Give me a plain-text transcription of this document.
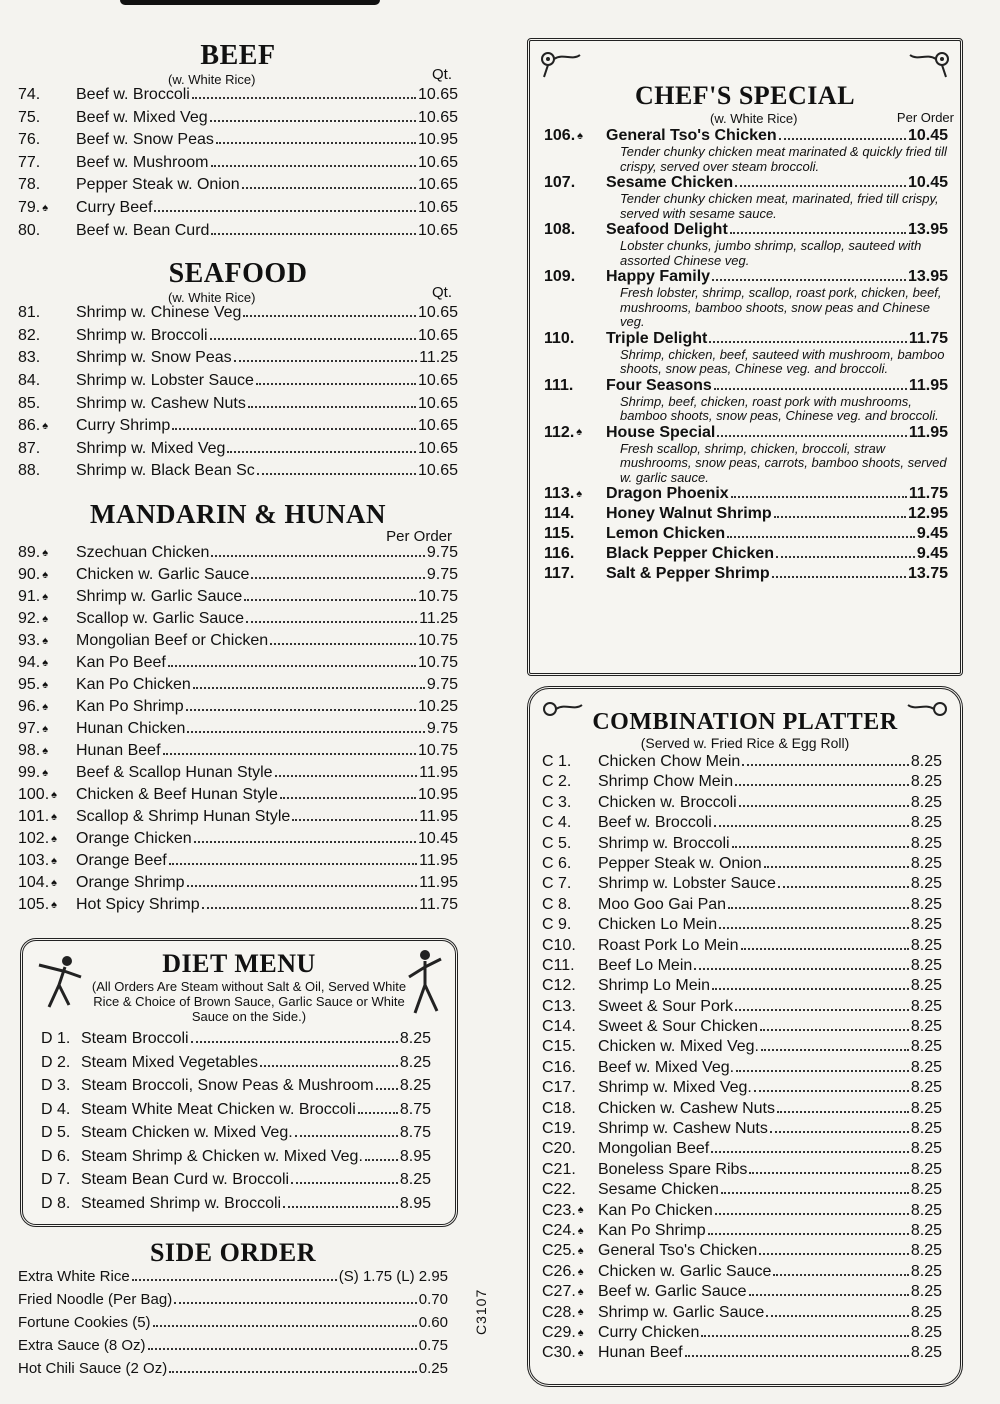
BEEF
(w. White Rice)	Qt.
74.	Beef w. Broccoli	10.65
75.	Beef w. Mixed Veg	10.65
76.	Beef w. Snow Peas	10.95
77.	Beef w. Mushroom	10.65
78.	Pepper Steak w. Onion	10.65
79. ♠	Curry Beef	10.65
80.	Beef w. Bean Curd	10.65
SEAFOOD
(w. White Rice)	Qt.
81.	Shrimp w. Chinese Veg	10.65
82.	Shrimp w. Broccoli	10.65
83.	Shrimp w. Snow Peas	11.25
84.	Shrimp w. Lobster Sauce	10.65
85.	Shrimp w. Cashew Nuts	10.65
86. ♠	Curry Shrimp	10.65
87.	Shrimp w. Mixed Veg	10.65
88.	Shrimp w. Black Bean Sc	10.65
MANDARIN & HUNAN
Per Order
89. ♠	Szechuan Chicken	9.75
90. ♠	Chicken w. Garlic Sauce	9.75
91. ♠	Shrimp w. Garlic Sauce	10.75
92. ♠	Scallop w. Garlic Sauce	11.25
93. ♠	Mongolian Beef or Chicken	10.75
94. ♠	Kan Po Beef	10.75
95. ♠	Kan Po Chicken	9.75
96. ♠	Kan Po Shrimp	10.25
97. ♠	Hunan Chicken	9.75
98. ♠	Hunan Beef	10.75
99. ♠	Beef & Scallop Hunan Style	11.95
100. ♠	Chicken & Beef Hunan Style	10.95
101. ♠	Scallop & Shrimp Hunan Style	11.95
102. ♠	Orange Chicken	10.45
103. ♠	Orange Beef	11.95
104. ♠	Orange Shrimp	11.95
105. ♠	Hot Spicy Shrimp	11.75
DIET MENU
(All Orders Are Steam without Salt & Oil, Served White Rice & Choice of Brown Sauce, Garlic Sauce or White Sauce on the Side.)
D 1. Steam Broccoli	8.25
D 2. Steam Mixed Vegetables	8.25
D 3. Steam Broccoli, Snow Peas & Mushroom 8.25
D 4. Steam White Meat Chicken w. Broccoli	8.75
D 5. Steam Chicken w. Mixed Veg.	8.75
D 6. Steam Shrimp & Chicken w. Mixed Veg. 8.95
D 7. Steam Bean Curd w. Broccoli	8.25
D 8. Steamed Shrimp w. Broccoli	8.95
SIDE ORDER
Extra White Rice	(S) 1.75 (L) 2.95
Fried Noodle (Per Bag)	0.70
Fortune Cookies (5)	0.60
Extra Sauce (8 Oz)	0.75
Hot Chili Sauce (2 Oz)	0.25
C3107
CHEF'S SPECIAL
(w. White Rice)	Per Order
106. ♠	General Tso's Chicken	10.45
Tender chunky chicken meat marinated & quickly fried till crispy, served over steam broccoli.
107.	Sesame Chicken	10.45
Tender chunky chicken meat, marinated, fried till crispy, served with sesame sauce.
108.	Seafood Delight	13.95
Lobster chunks, jumbo shrimp, scallop, sauteed with assorted Chinese veg.
109.	Happy Family	13.95
Fresh lobster, shrimp, scallop, roast pork, chicken, beef, mushrooms, bamboo shoots, snow peas and Chinese veg.
110.	Triple Delight	11.75
Shrimp, chicken, beef, sauteed with mushroom, bamboo shoots, snow peas, Chinese veg. and broccoli.
111.	Four Seasons	11.95
Shrimp, beef, chicken, roast pork with mushrooms, bamboo shoots, snow peas, Chinese veg. and broccoli.
112. ♠	House Special	11.95
Fresh scallop, shrimp, chicken, broccoli, straw mushrooms, snow peas, carrots, bamboo shoots, served w. garlic sauce.
113. ♠	Dragon Phoenix	11.75
114.	Honey Walnut Shrimp	12.95
115.	Lemon Chicken	9.45
116.	Black Pepper Chicken	9.45
117.	Salt & Pepper Shrimp	13.75
COMBINATION PLATTER
(Served w. Fried Rice & Egg Roll)
C 1.	Chicken Chow Mein	8.25
C 2.	Shrimp Chow Mein	8.25
C 3.	Chicken w. Broccoli	8.25
C 4.	Beef w. Broccoli	8.25
C 5.	Shrimp w. Broccoli	8.25
C 6.	Pepper Steak w. Onion	8.25
C 7.	Shrimp w. Lobster Sauce	8.25
C 8.	Moo Goo Gai Pan	8.25
C 9.	Chicken Lo Mein	8.25
C10.	Roast Pork Lo Mein	8.25
C11.	Beef Lo Mein	8.25
C12.	Shrimp Lo Mein	8.25
C13.	Sweet & Sour Pork	8.25
C14.	Sweet & Sour Chicken	8.25
C15.	Chicken w. Mixed Veg.	8.25
C16.	Beef w. Mixed Veg.	8.25
C17.	Shrimp w. Mixed Veg.	8.25
C18.	Chicken w. Cashew Nuts	8.25
C19.	Shrimp w. Cashew Nuts	8.25
C20.	Mongolian Beef	8.25
C21.	Boneless Spare Ribs	8.25
C22.	Sesame Chicken	8.25
C23. ♠ Kan Po Chicken	8.25
C24. ♠ Kan Po Shrimp	8.25
C25. ♠ General Tso's Chicken	8.25
C26. ♠ Chicken w. Garlic Sauce	8.25
C27. ♠ Beef w. Garlic Sauce	8.25
C28. ♠ Shrimp w. Garlic Sauce	8.25
C29. ♠ Curry Chicken	8.25
C30. ♠ Hunan Beef	8.25
